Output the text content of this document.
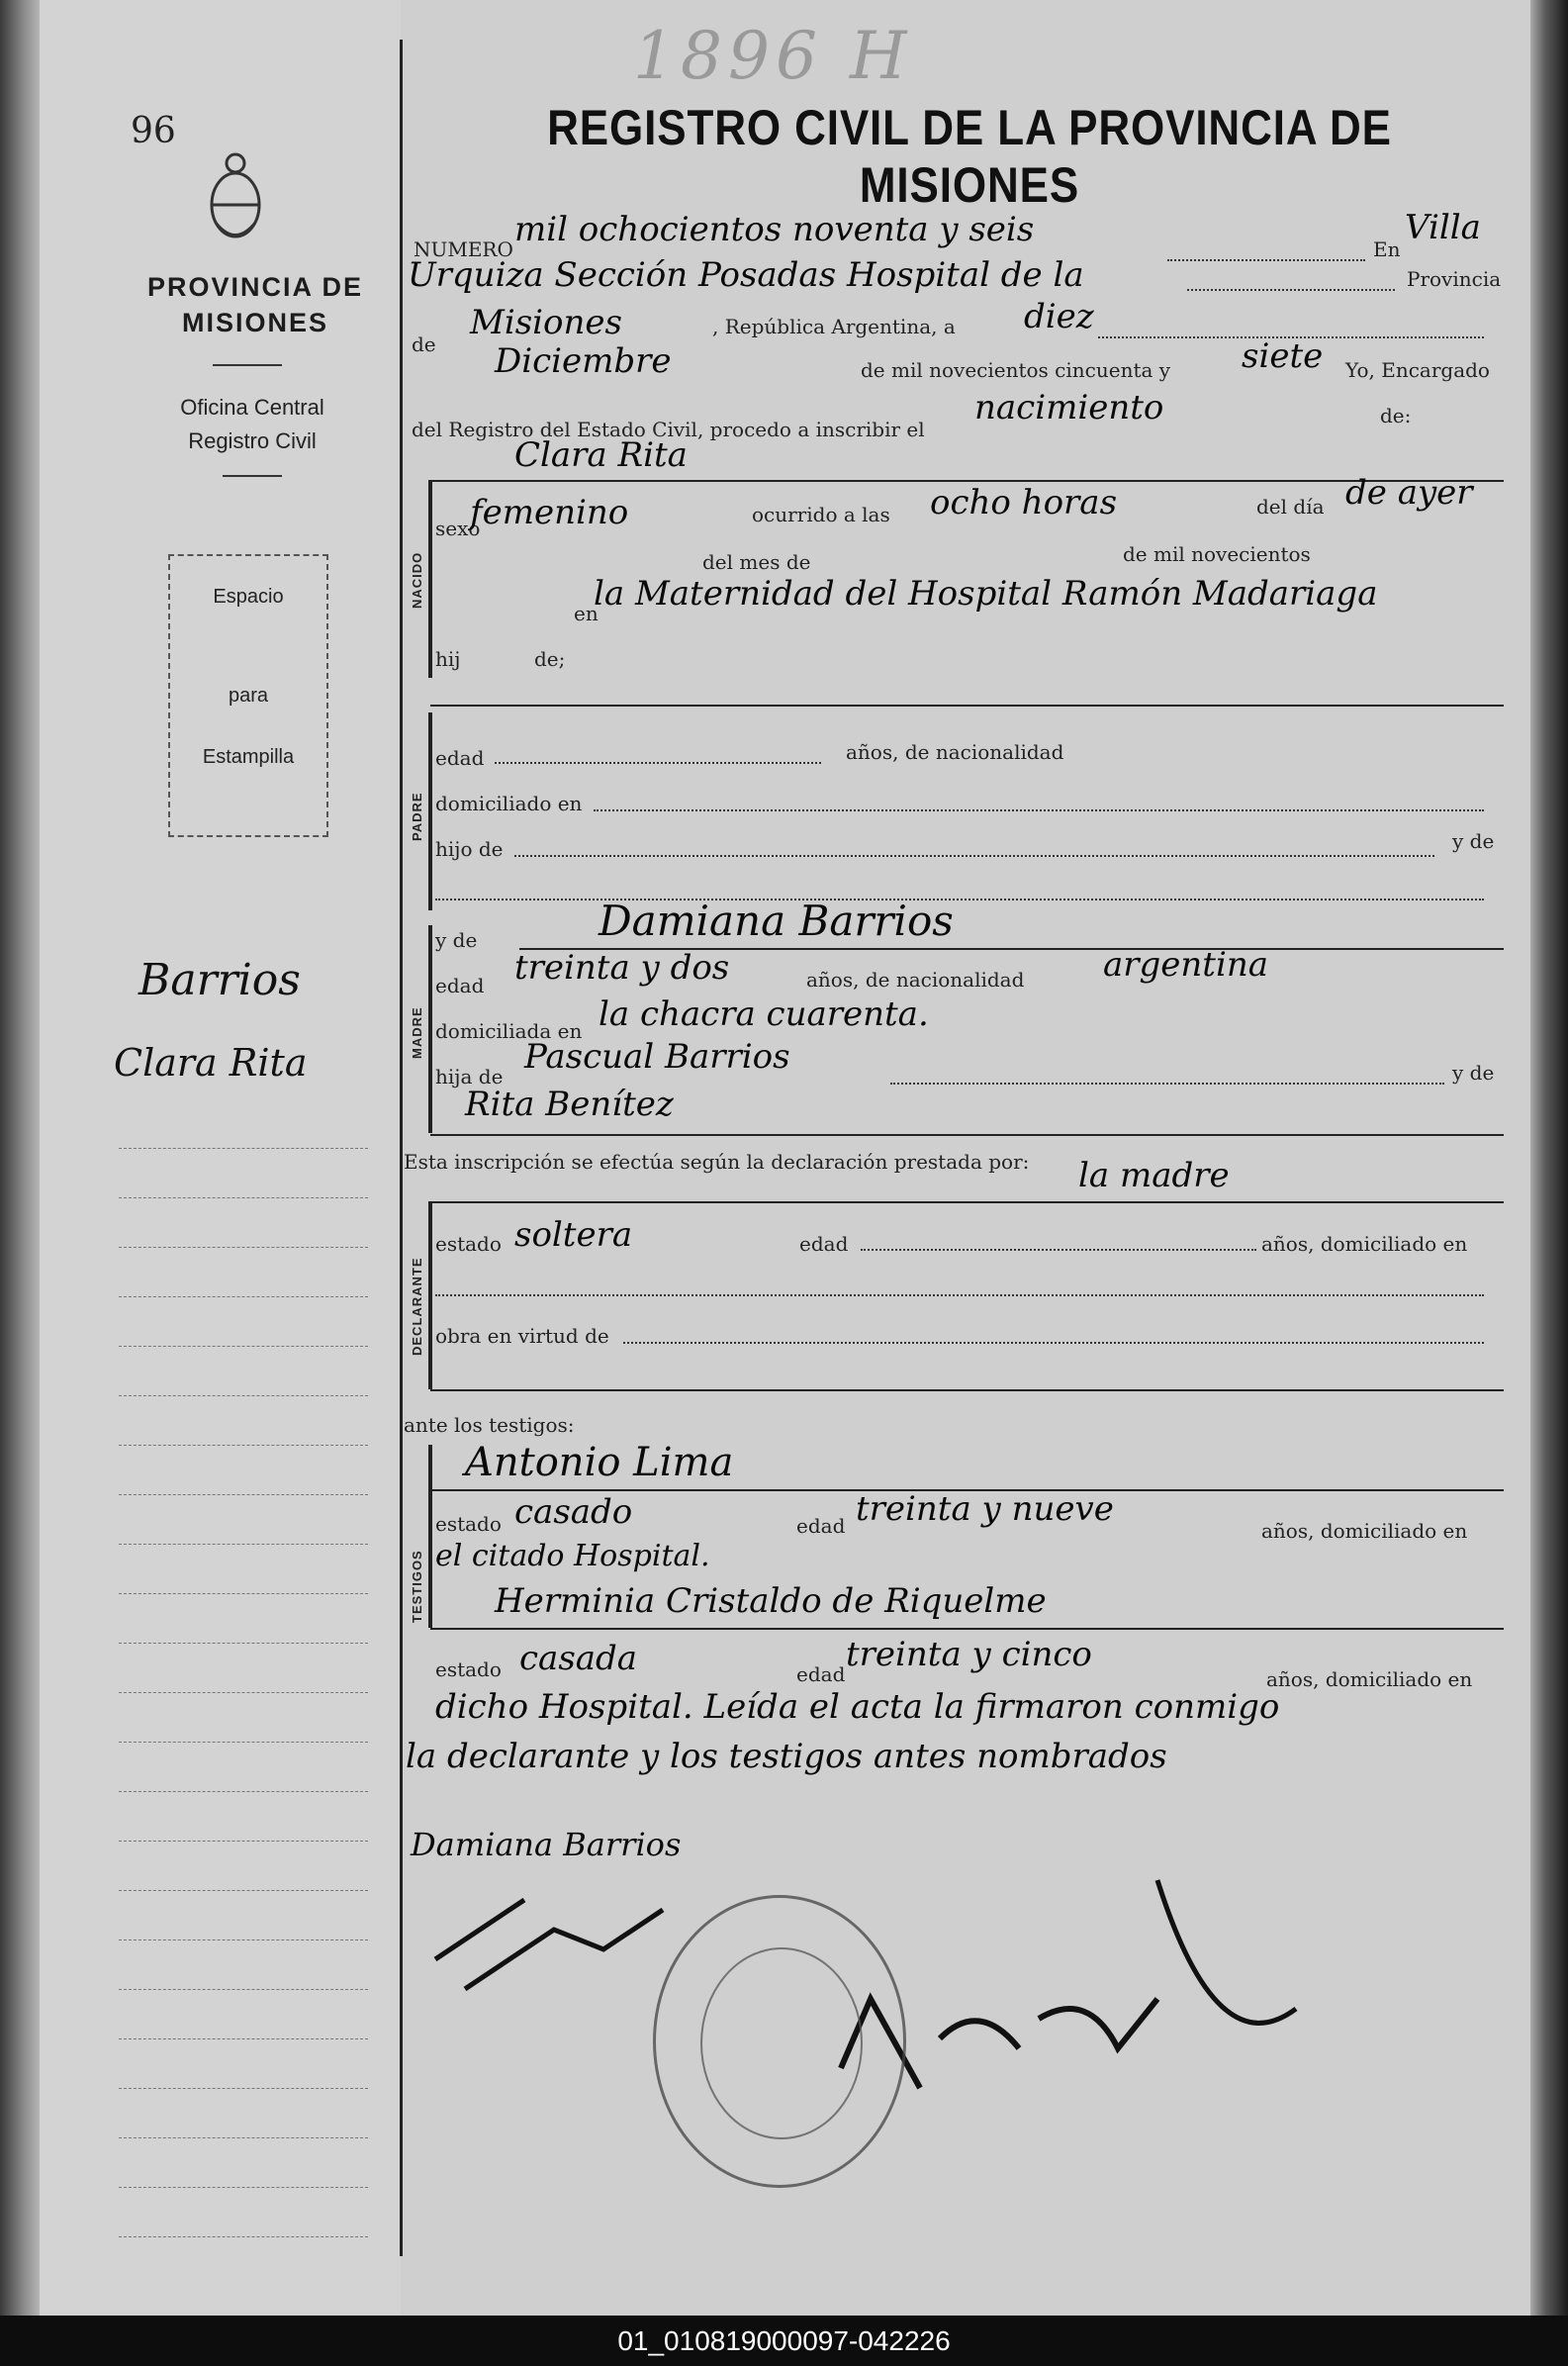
96
1896 H
PROVINCIA DE
MISIONES
Oficina Central
Registro Civil
Espacio
para
Estampilla
Barrios
Clara Rita
REGISTRO CIVIL DE LA PROVINCIA DE MISIONES
NUMERO mil ochocientos noventa y seis	En
Villa
Urquiza Sección Posadas Hospital de la	Provincia
de
Misiones	, República Argentina, a diez
Diciembre	de mil novecientos cincuenta y siete Yo, Encargado
del Registro del Estado Civil, procedo a inscribir el
nacimiento	de:
Clara Rita
NACIDO
sexo
femenino	ocurrido a las ocho horas	del día de ayer
del mes de	de mil novecientos
en
la Maternidad del Hospital Ramón Madariaga
hij	de;
PADRE
edad	años, de nacionalidad
domiciliado en
hijo de	y de
MADRE
y de	Damiana Barrios
edad treinta y dos	años, de nacionalidad argentina
domiciliada en la chacra cuarenta.
hija de Pascual Barrios	y de
Rita Benítez
Esta inscripción se efectúa según la declaración prestada por: la madre
DECLARANTE
estado soltera	edad	años, domiciliado en
obra en virtud de
ante los testigos:
TESTIGOS
Antonio Lima
estado casado	edad treinta y nueve
años, domiciliado en
el citado Hospital.
Herminia Cristaldo de Riquelme
estado casada	edad treinta y cinco
años, domiciliado en
dicho Hospital. Leída el acta la firmaron conmigo
la declarante y los testigos antes nombrados
Damiana Barrios
01_010819000097-042226
